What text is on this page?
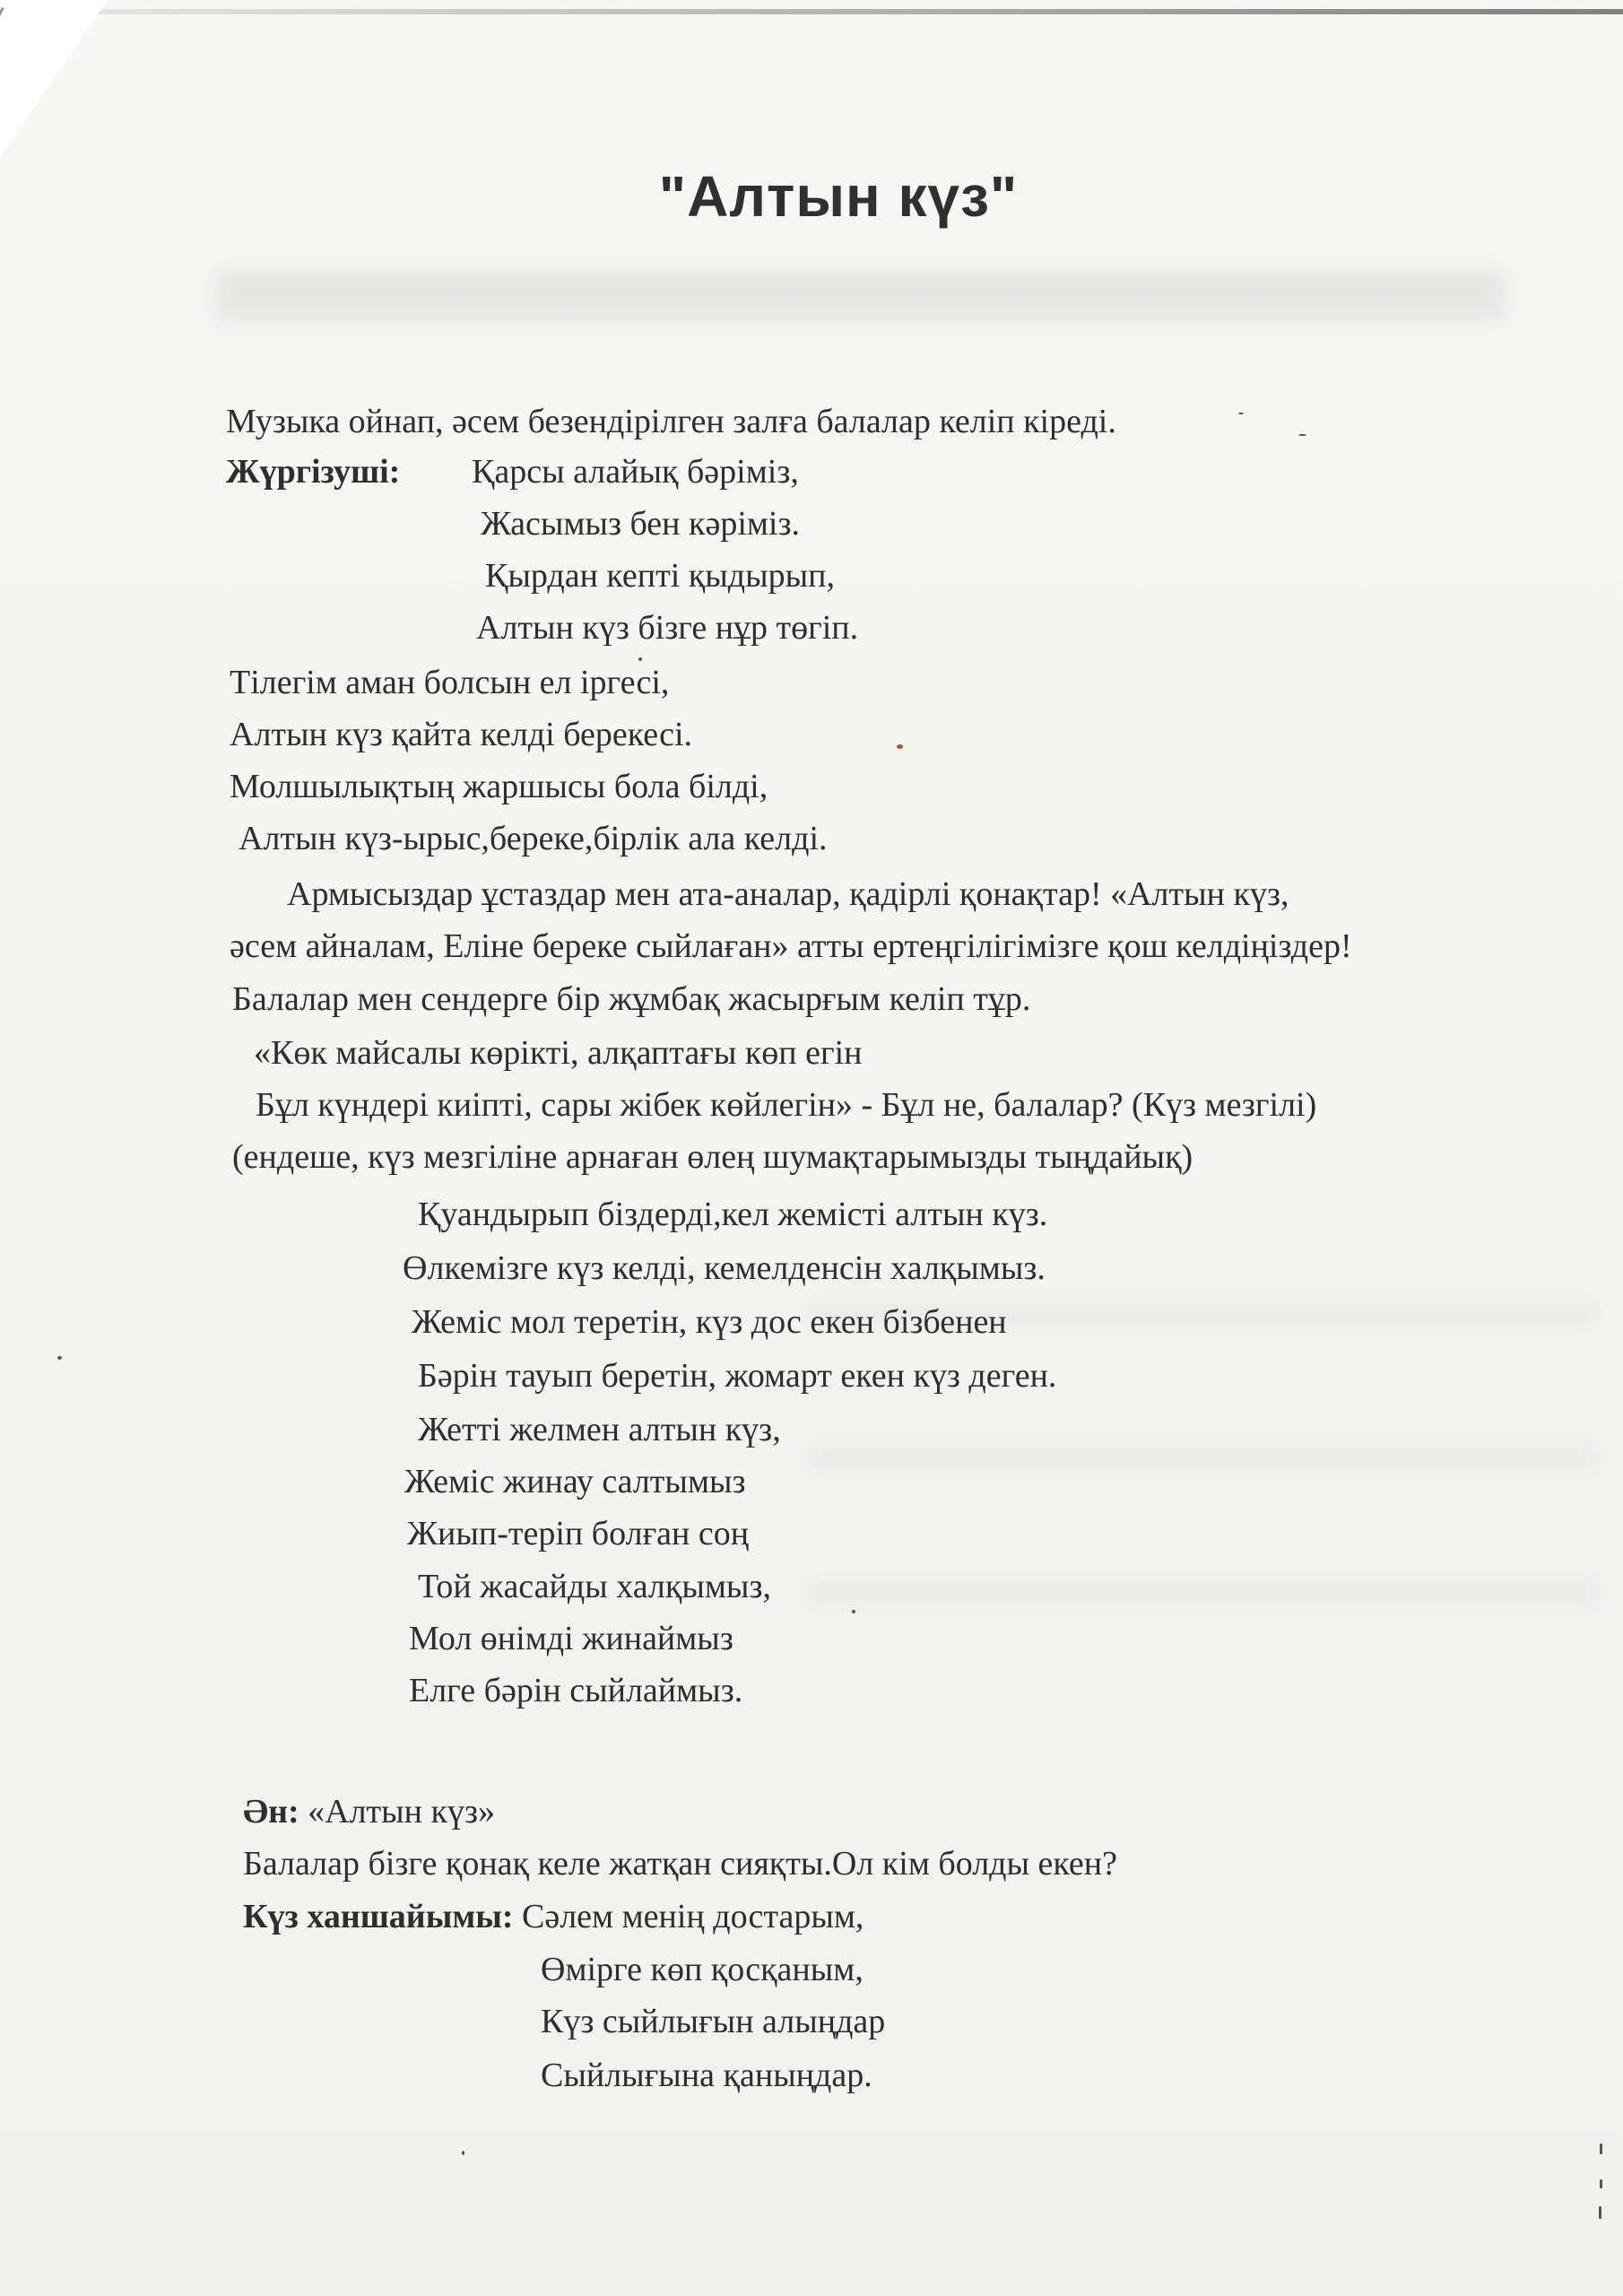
"Алтын күз"
Музыка ойнап, әсем безендірілген залға балалар келіп кіреді.
Жүргізуші: Қарсы алайық бәріміз,
Жасымыз бен кәріміз.
Қырдан кепті қыдырып,
Алтын күз бізге нұр төгіп.
Тілегім аман болсын ел іргесі,
Алтын күз қайта келді берекесі.
Молшылықтың жаршысы бола білді,
Алтын күз-ырыс,береке,бірлік ала келді.
Армысыздар ұстаздар мен ата-аналар, қадірлі қонақтар! «Алтын күз,
әсем айналам, Еліне береке сыйлаған» атты ертеңгілігімізге қош келдіңіздер!
Балалар мен сендерге бір жұмбақ жасырғым келіп тұр.
«Көк майсалы көрікті, алқаптағы көп егін
Бұл күндері киіпті, сары жібек көйлегін» - Бұл не, балалар? (Күз мезгілі)
(ендеше, күз мезгіліне арнаған өлең шумақтарымызды тыңдайық)
Қуандырып біздерді,кел жемісті алтын күз.
Өлкемізге күз келді, кемелденсін халқымыз.
Жеміс мол теретін, күз дос екен бізбенен
Бәрін тауып беретін, жомарт екен күз деген.
Жетті желмен алтын күз,
Жеміс жинау салтымыз
Жиып-теріп болған соң
Той жасайды халқымыз,
Мол өнімді жинаймыз
Елге бәрін сыйлаймыз.
Ән: «Алтын күз»
Балалар бізге қонақ келе жатқан сияқты.Ол кім болды екен?
Күз ханшайымы: Сәлем менің достарым,
Өмірге көп қосқаным,
Күз сыйлығын алыңдар
Сыйлығына қаныңдар.
